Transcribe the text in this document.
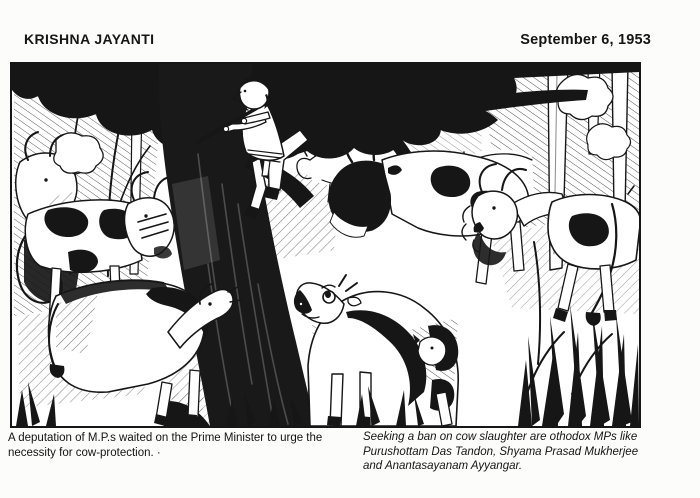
KRISHNA JAYANTI	September 6, 1953

A deputation of M.P.s waited on the Prime Minister to urge the necessity for cow-protection. ·

Seeking a ban on cow slaughter are othodox MPs like Purushottam Das Tandon, Shyama Prasad Mukherjee and Anantasayanam Ayyangar.
